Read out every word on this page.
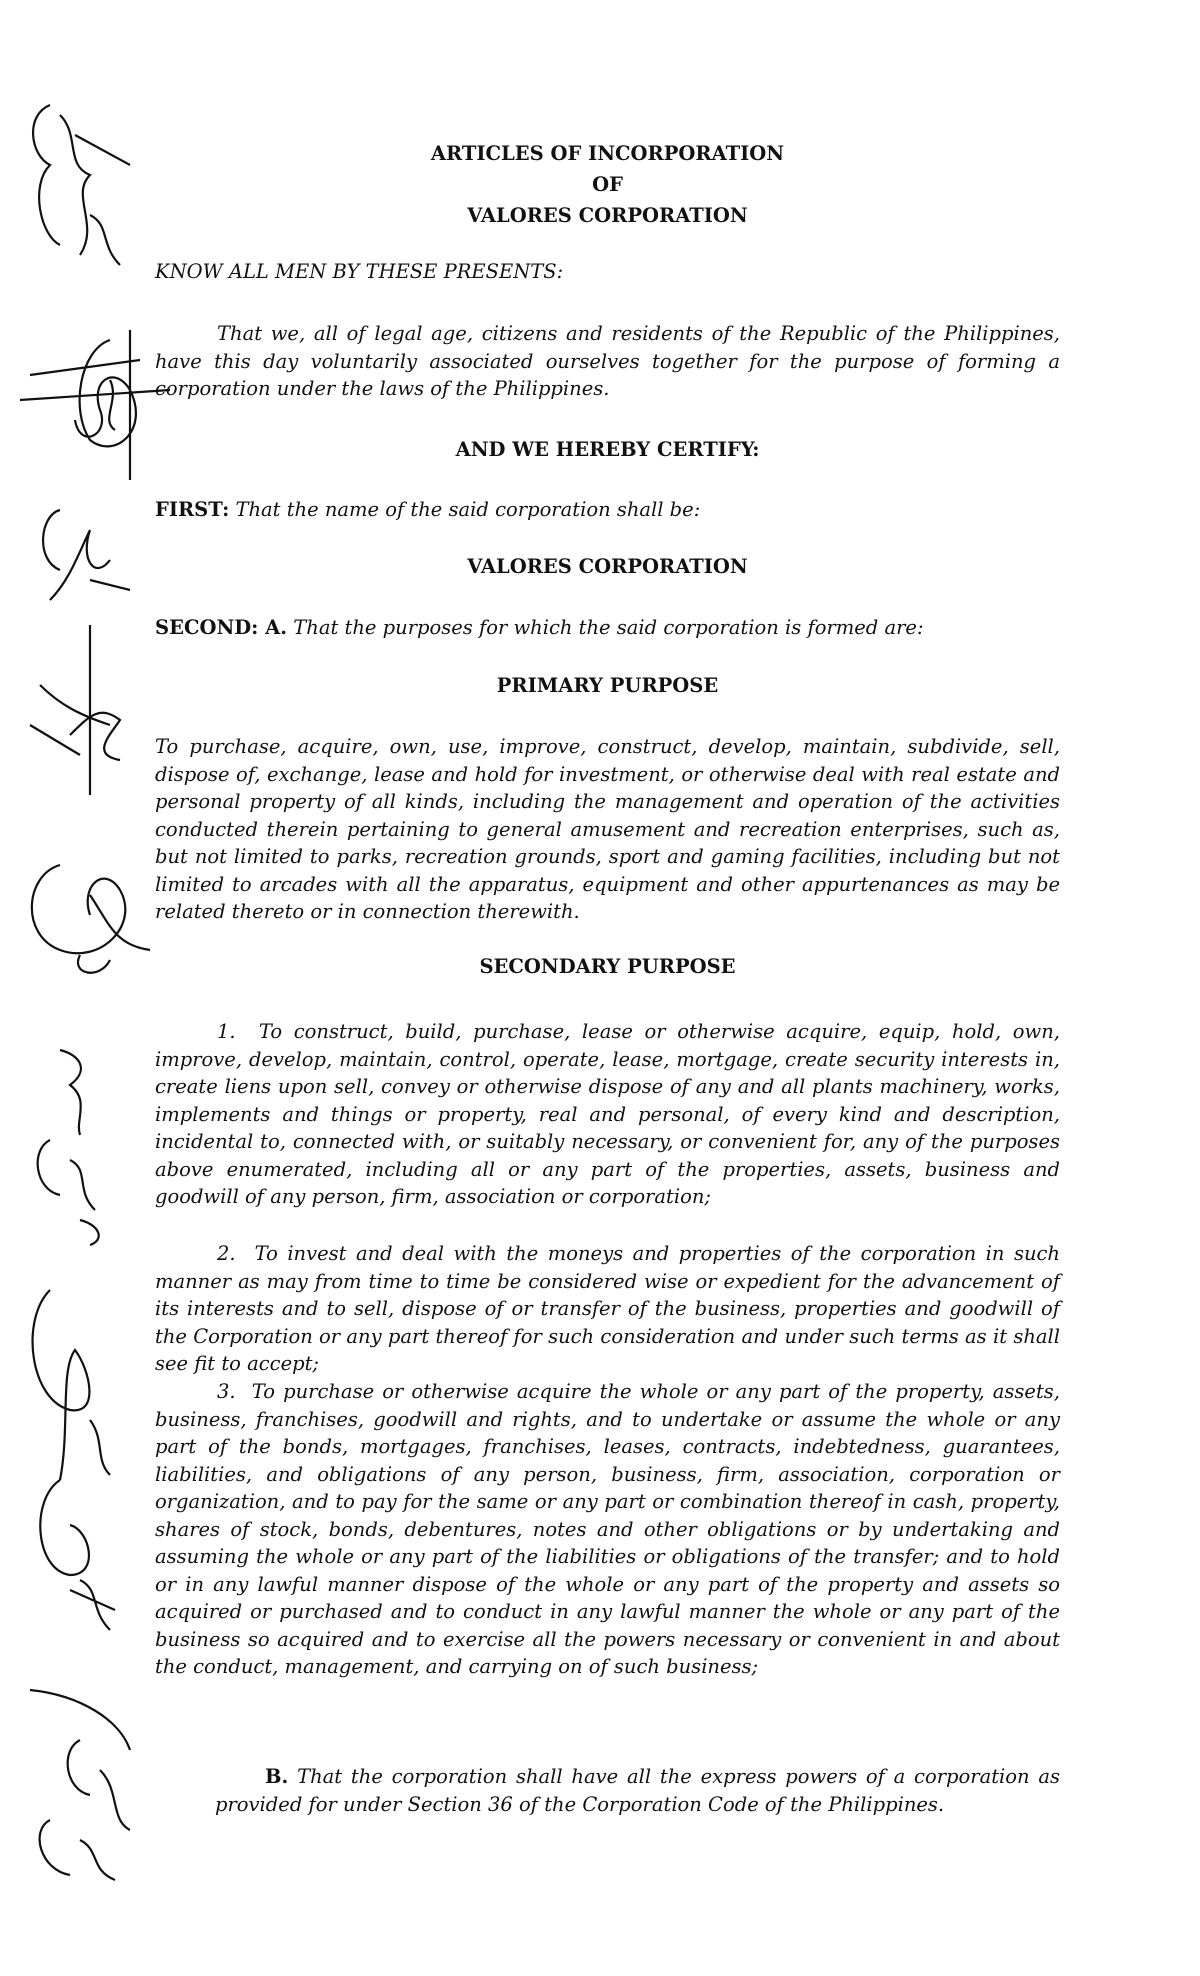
ARTICLES OF INCORPORATION
OF
VALORES CORPORATION
KNOW ALL MEN BY THESE PRESENTS:
That we, all of legal age, citizens and residents of the Republic of the Philippines, have this day voluntarily associated ourselves together for the purpose of forming a corporation under the laws of the Philippines.
AND WE HEREBY CERTIFY:
FIRST: That the name of the said corporation shall be:
VALORES CORPORATION
SECOND: A. That the purposes for which the said corporation is formed are:
PRIMARY PURPOSE
To purchase, acquire, own, use, improve, construct, develop, maintain, subdivide, sell, dispose of, exchange, lease and hold for investment, or otherwise deal with real estate and personal property of all kinds, including the management and operation of the activities conducted therein pertaining to general amusement and recreation enterprises, such as, but not limited to parks, recreation grounds, sport and gaming facilities, including but not limited to arcades with all the apparatus, equipment and other appurtenances as may be related thereto or in connection therewith.
SECONDARY PURPOSE
1. To construct, build, purchase, lease or otherwise acquire, equip, hold, own, improve, develop, maintain, control, operate, lease, mortgage, create security interests in, create liens upon sell, convey or otherwise dispose of any and all plants machinery, works, implements and things or property, real and personal, of every kind and description, incidental to, connected with, or suitably necessary, or convenient for, any of the purposes above enumerated, including all or any part of the properties, assets, business and goodwill of any person, firm, association or corporation;
2. To invest and deal with the moneys and properties of the corporation in such manner as may from time to time be considered wise or expedient for the advancement of its interests and to sell, dispose of or transfer of the business, properties and goodwill of the Corporation or any part thereof for such consideration and under such terms as it shall see fit to accept;
3. To purchase or otherwise acquire the whole or any part of the property, assets, business, franchises, goodwill and rights, and to undertake or assume the whole or any part of the bonds, mortgages, franchises, leases, contracts, indebtedness, guarantees, liabilities, and obligations of any person, business, firm, association, corporation or organization, and to pay for the same or any part or combination thereof in cash, property, shares of stock, bonds, debentures, notes and other obligations or by undertaking and assuming the whole or any part of the liabilities or obligations of the transfer; and to hold or in any lawful manner dispose of the whole or any part of the property and assets so acquired or purchased and to conduct in any lawful manner the whole or any part of the business so acquired and to exercise all the powers necessary or convenient in and about the conduct, management, and carrying on of such business;
B. That the corporation shall have all the express powers of a corporation as provided for under Section 36 of the Corporation Code of the Philippines.
